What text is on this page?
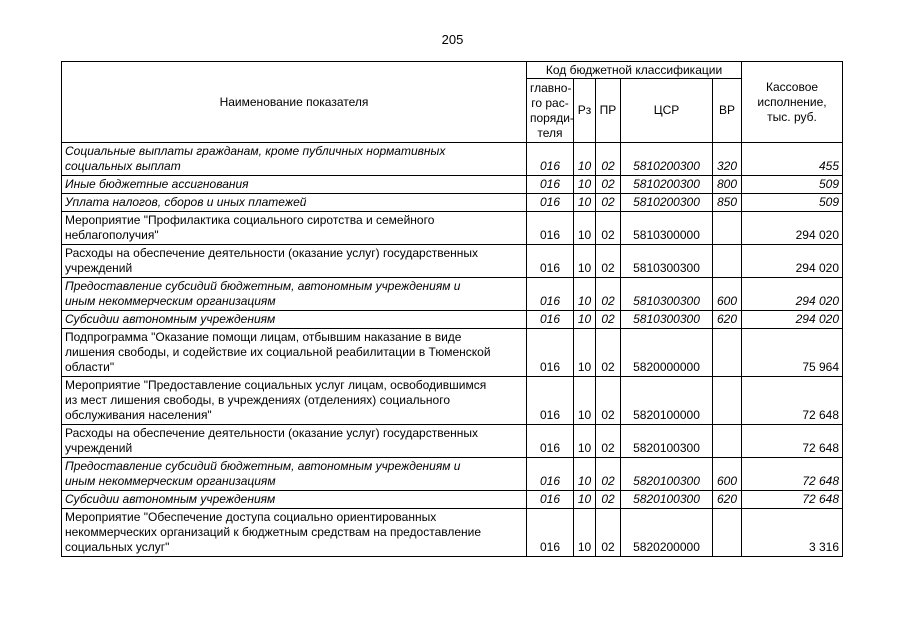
205
Наименование показателя	Код бюджетной классификации					Кассовое
исполнение,
тыс. руб.

	главно-
го рас-
поряди-
теля	Рз	ПР	ЦСР	ВР	

Социальные выплаты гражданам, кроме публичных нормативных
социальных выплат	016	10	02	5810200300	320	455

Иные бюджетные ассигнования	016	10	02	5810200300	800	509

Уплата налогов, сборов и иных платежей	016	10	02	5810200300	850	509

Мероприятие "Профилактика социального сиротства и семейного
неблагополучия"	016	10	02	5810300000		294 020

Расходы на обеспечение деятельности (оказание услуг) государственных
учреждений	016	10	02	5810300300		294 020

Предоставление субсидий бюджетным, автономным учреждениям и
иным некоммерческим организациям	016	10	02	5810300300	600	294 020

Субсидии автономным учреждениям	016	10	02	5810300300	620	294 020

Подпрограмма "Оказание помощи лицам, отбывшим наказание в виде
лишения свободы, и содействие их социальной реабилитации в Тюменской
области"	016	10	02	5820000000		75 964

Мероприятие "Предоставление социальных услуг лицам, освободившимся
из мест лишения свободы, в учреждениях (отделениях) социального
обслуживания населения"	016	10	02	5820100000		72 648

Расходы на обеспечение деятельности (оказание услуг) государственных
учреждений	016	10	02	5820100300		72 648

Предоставление субсидий бюджетным, автономным учреждениям и
иным некоммерческим организациям	016	10	02	5820100300	600	72 648

Субсидии автономным учреждениям	016	10	02	5820100300	620	72 648

Мероприятие "Обеспечение доступа социально ориентированных
некоммерческих организаций к бюджетным средствам на предоставление
социальных услуг"	016	10	02	5820200000		3 316
